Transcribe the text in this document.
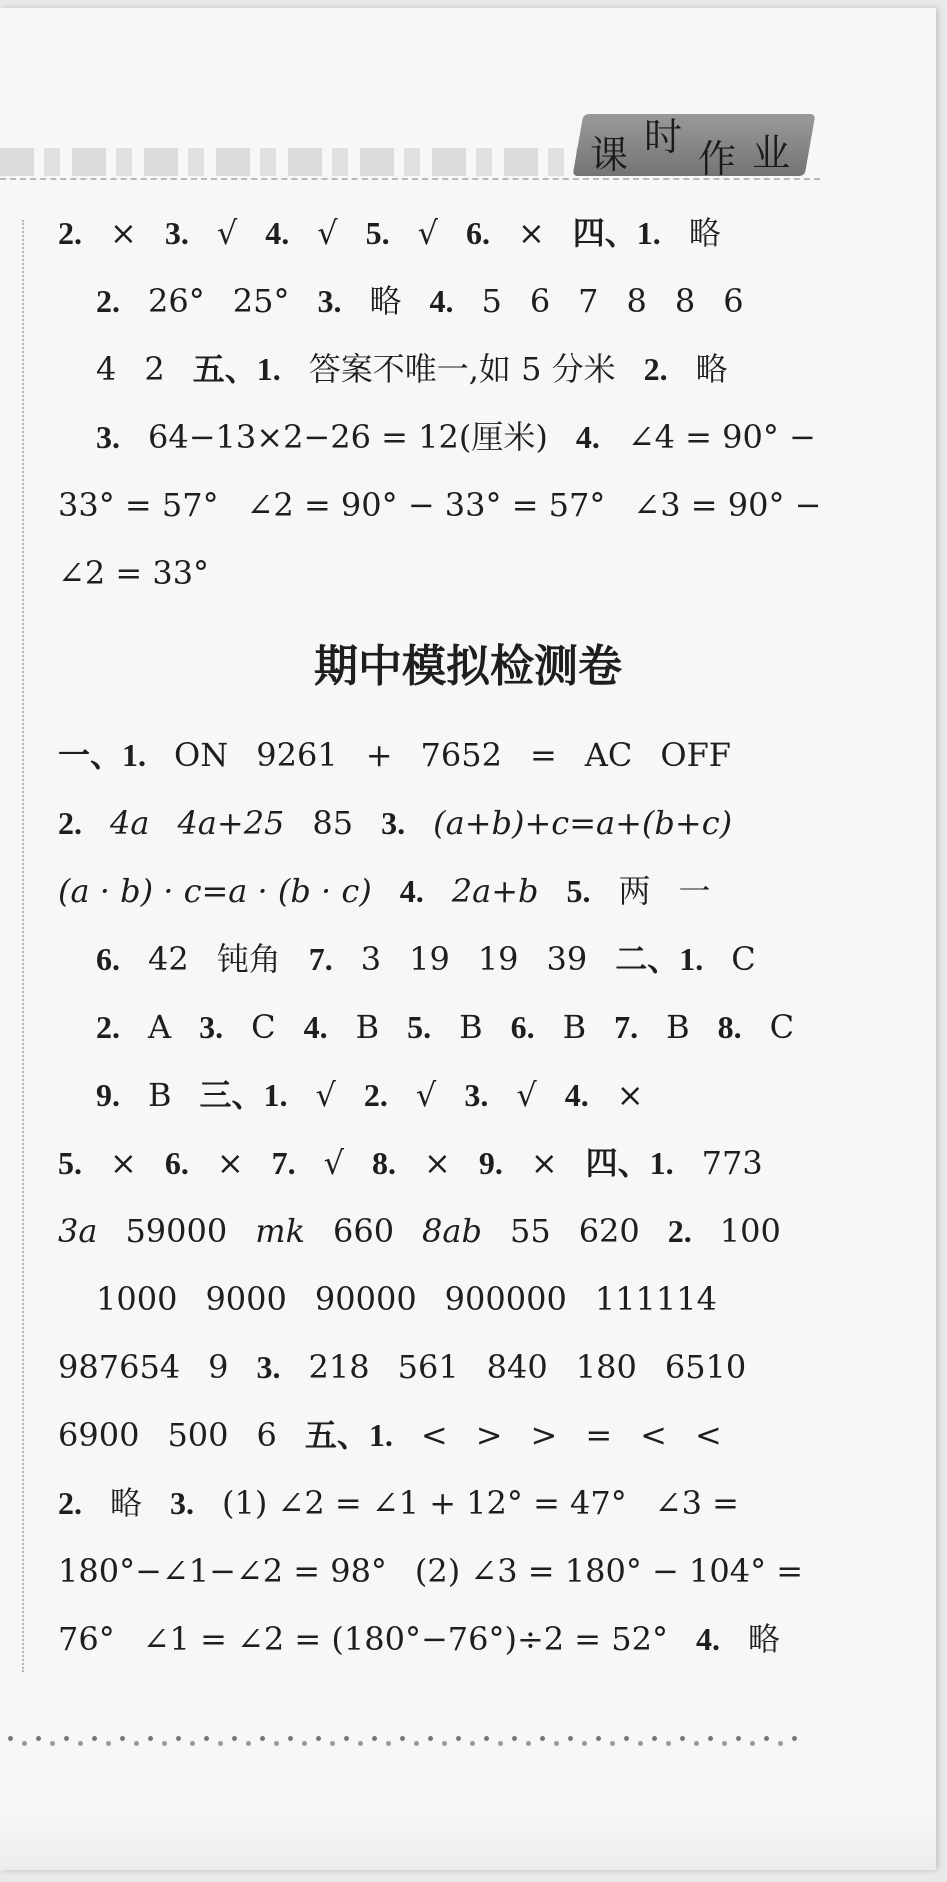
课 时 作 业
2. × 3. √ 4. √ 5. √ 6. × 四、1. 略
2. 26° 25° 3. 略 4. 5 6 7 8 8 6
4 2 五、1. 答案不唯一,如 5 分米 2. 略
3. 64−13×2−26 = 12(厘米) 4. ∠4 = 90° −
33° = 57° ∠2 = 90° − 33° = 57° ∠3 = 90° −
∠2 = 33°
期中模拟检测卷
一、1. ON 9261 + 7652 = AC OFF
2. 4a 4a+25 85 3. (a+b)+c=a+(b+c)
(a · b) · c=a · (b · c) 4. 2a+b 5. 两 一
6. 42 钝角 7. 3 19 19 39 二、1. C
2. A 3. C 4. B 5. B 6. B 7. B 8. C
9. B 三、1. √ 2. √ 3. √ 4. ×
5. × 6. × 7. √ 8. × 9. × 四、1. 773
3a 59000 mk 660 8ab 55 620 2. 100
1000 9000 90000 900000 111114
987654 9 3. 218 561 840 180 6510
6900 500 6 五、1. < > > = < <
2. 略 3. (1) ∠2 = ∠1 + 12° = 47° ∠3 =
180°−∠1−∠2 = 98° (2) ∠3 = 180° − 104° =
76° ∠1 = ∠2 = (180°−76°)÷2 = 52° 4. 略
